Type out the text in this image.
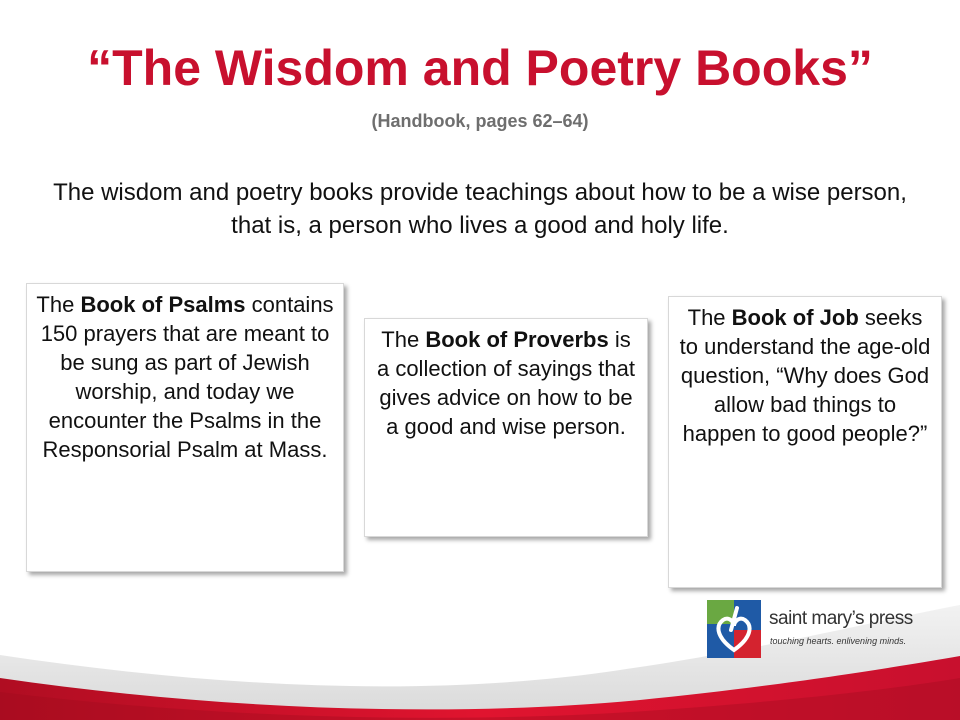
“The Wisdom and Poetry Books”
(Handbook, pages 62–64)
The wisdom and poetry books provide teachings about how to be a wise person, that is, a person who lives a good and holy life.
The Book of Psalms contains 150 prayers that are meant to be sung as part of Jewish worship, and today we encounter the Psalms in the Responsorial Psalm at Mass.
The Book of Proverbs is a collection of sayings that gives advice on how to be a good and wise person.
The Book of Job seeks to understand the age-old question, “Why does God allow bad things to happen to good people?”
saint mary’s press
touching hearts. enlivening minds.
